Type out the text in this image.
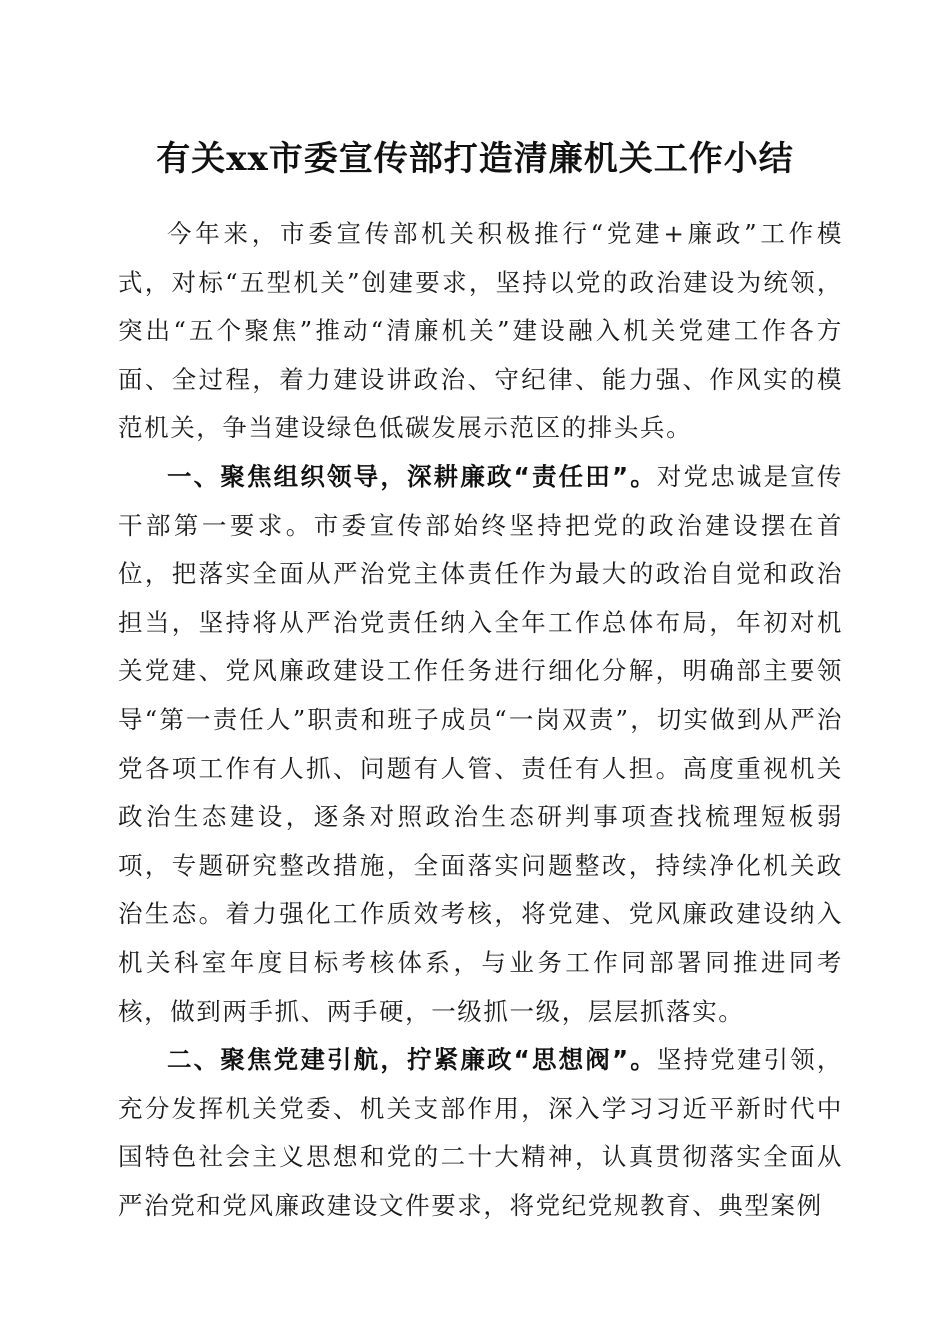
有关xx市委宣传部打造清廉机关工作小结

今年来，市委宣传部机关积极推行“党建+廉政”工作模式，对标“五型机关”创建要求，坚持以党的政治建设为统领，突出“五个聚焦”推动“清廉机关”建设融入机关党建工作各方面、全过程，着力建设讲政治、守纪律、能力强、作风实的模范机关，争当建设绿色低碳发展示范区的排头兵。

一、聚焦组织领导，深耕廉政“责任田”。对党忠诚是宣传干部第一要求。市委宣传部始终坚持把党的政治建设摆在首位，把落实全面从严治党主体责任作为最大的政治自觉和政治担当，坚持将从严治党责任纳入全年工作总体布局，年初对机关党建、党风廉政建设工作任务进行细化分解，明确部主要领导“第一责任人”职责和班子成员“一岗双责”，切实做到从严治党各项工作有人抓、问题有人管、责任有人担。高度重视机关政治生态建设，逐条对照政治生态研判事项查找梳理短板弱项，专题研究整改措施，全面落实问题整改，持续净化机关政治生态。着力强化工作质效考核，将党建、党风廉政建设纳入机关科室年度目标考核体系，与业务工作同部署同推进同考核，做到两手抓、两手硬，一级抓一级，层层抓落实。

二、聚焦党建引航，拧紧廉政“思想阀”。坚持党建引领，充分发挥机关党委、机关支部作用，深入学习习近平新时代中国特色社会主义思想和党的二十大精神，认真贯彻落实全面从严治党和党风廉政建设文件要求，将党纪党规教育、典型案例
